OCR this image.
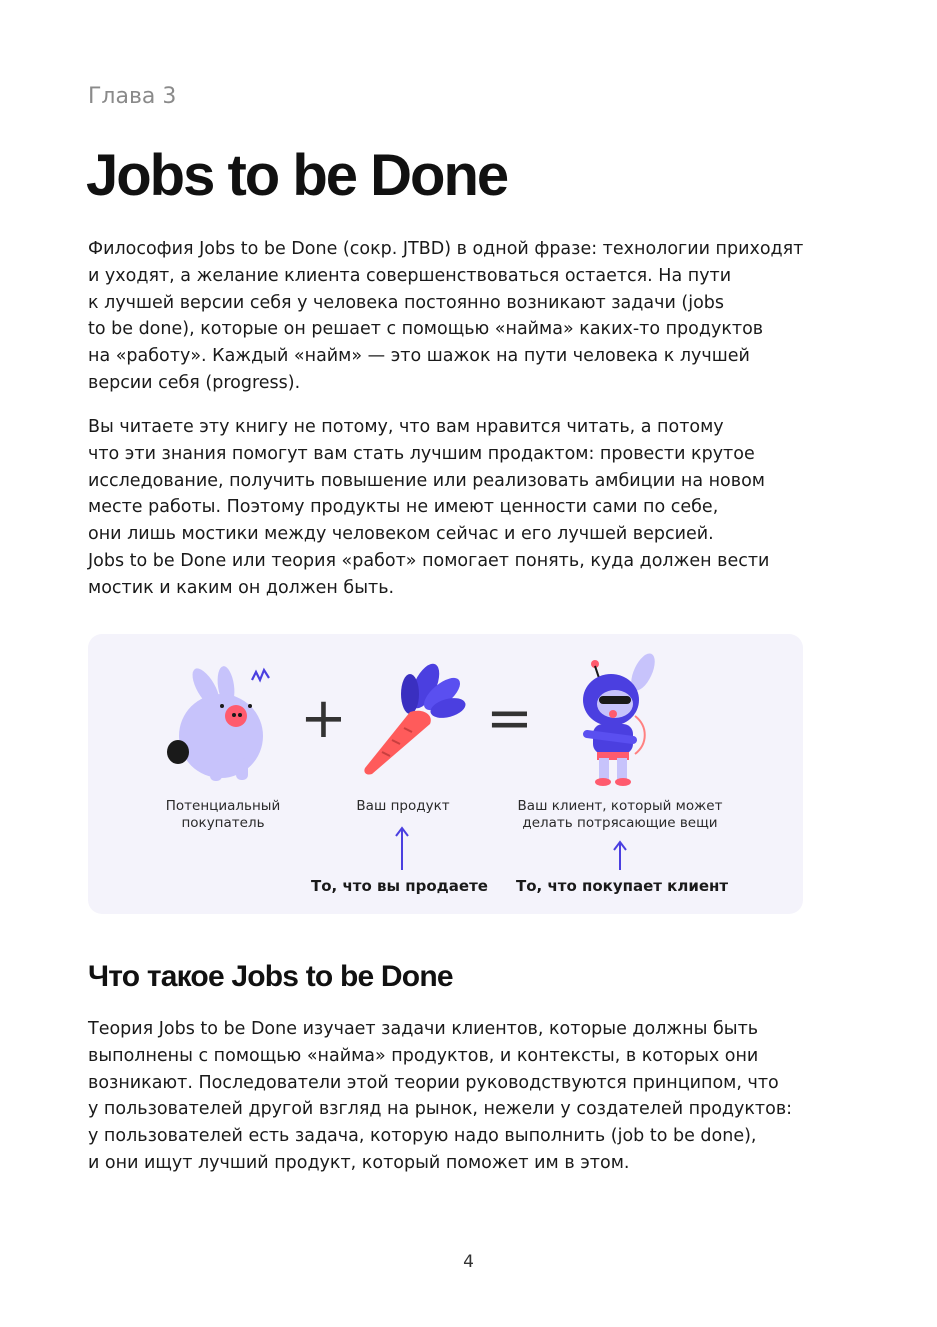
Глава 3
Jobs to be Done

Философия Jobs to be Done (сокр. JTBD) в одной фразе: технологии приходят
и уходят, а желание клиента совершенствоваться остается. На пути
к лучшей версии себя у человека постоянно возникают задачи (jobs
to be done), которые он решает с помощью «найма» каких-то продуктов
на «работу». Каждый «найм» — это шажок на пути человека к лучшей
версии себя (progress).

Вы читаете эту книгу не потому, что вам нравится читать, а потому
что эти знания помогут вам стать лучшим продактом: провести крутое
исследование, получить повышение или реализовать амбиции на новом
месте работы. Поэтому продукты не имеют ценности сами по себе,
они лишь мостики между человеком сейчас и его лучшей версией.
Jobs to be Done или теория «работ» помогает понять, куда должен вести
мостик и каким он должен быть.

+ =
Потенциальный
покупатель
Ваш продукт	Ваш клиент, который может
делать потрясающие вещи
То, что вы продаете То, что покупает клиент
Что такое Jobs to be Done

Теория Jobs to be Done изучает задачи клиентов, которые должны быть
выполнены с помощью «найма» продуктов, и контексты, в которых они
возникают. Последователи этой теории руководствуются принципом, что
у пользователей другой взгляд на рынок, нежели у создателей продуктов:
у пользователей есть задача, которую надо выполнить (job to be done),
и они ищут лучший продукт, который поможет им в этом.

4
